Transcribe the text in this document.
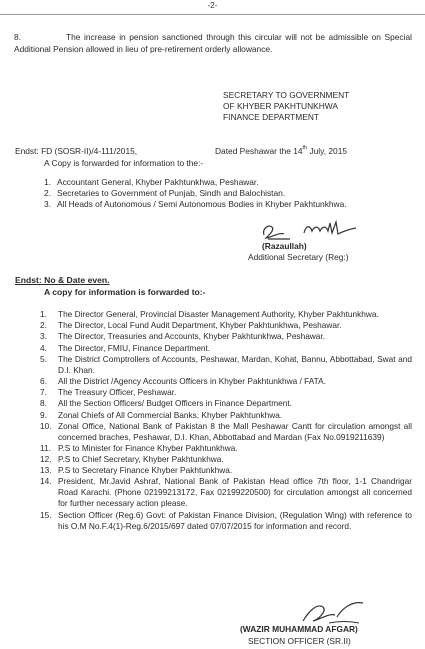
-2-
8.	The increase in pension sanctioned through this circular will not be admissible on Special Additional Pension allowed in lieu of pre-retirement orderly allowance.
SECRETARY TO GOVERNMENT
OF KHYBER PAKHTUNKHWA
FINANCE DEPARTMENT
Endst: FD (SOSR-II)/4-111/2015,	Dated Peshawar the 14th July, 2015
A Copy is forwarded for information to the:-
1. Accountant General, Khyber Pakhtunkhwa, Peshawar.
2. Secretaries to Government of Punjab, Sindh and Balochistan.
3. All Heads of Autonomous / Semi Autonomous Bodies in Khyber Pakhtunkhwa.
(Razaullah)
Additional Secretary (Reg:)
Endst: No & Date even.
A copy for information is forwarded to:-
1.	The Director General, Provincial Disaster Management Authority, Khyber Pakhtunkhwa.
2.	The Director, Local Fund Audit Department, Khyber Pakhtunkhwa, Peshawar.
3.	The Director, Treasuries and Accounts, Khyber Pakhtunkhwa, Peshawar.
4.	The Director, FMIU, Finance Department.
5.	The District Comptrollers of Accounts, Peshawar, Mardan, Kohat, Bannu, Abbottabad, Swat and D.I. Khan.
6.	All the District /Agency Accounts Officers in Khyber Pakhtunkhwa / FATA.
7.	The Treasury Officer, Peshawar.
8.	All the Section Officers/ Budget Officers in Finance Department.
9.	Zonal Chiefs of All Commercial Banks, Khyber Pakhtunkhwa.
10. Zonal Office, National Bank of Pakistan 8 the Mall Peshawar Cantt for circulation amongst all concerned braches, Peshawar, D.I. Khan, Abbottabad and Mardan (Fax No.0919211639)
11. P.S to Minister for Finance Khyber Pakhtunkhwa.
12. P.S to Chief Secretary, Khyber Pakhtunkhwa.
13. P.S to Secretary Finance Khyber Pakhtunkhwa.
14. President, Mr.Javid Ashraf, National Bank of Pakistan Head office 7th floor, 1-1 Chandrigar Road Karachi. (Phone 02199213172, Fax 02199220500) for circulation amongst all concerned for further necessary action please.
15. Section Officer (Reg.6) Govt: of Pakistan Finance Division, (Regulation Wing) with reference to his O.M No.F.4(1)-Reg.6/2015/697 dated 07/07/2015 for information and record.
(WAZIR MUHAMMAD AFGAR)
SECTION OFFICER (SR.II)
